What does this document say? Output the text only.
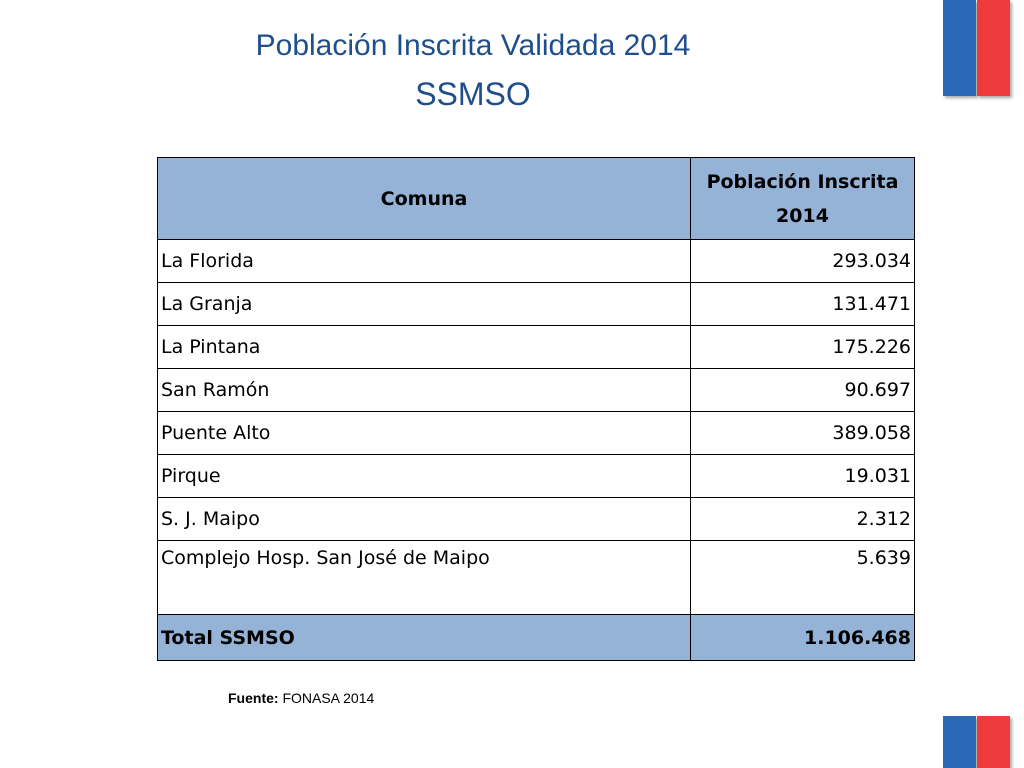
Población Inscrita Validada 2014
SSMSO
Comuna	Población Inscrita
2014
La Florida	293.034
La Granja	131.471
La Pintana	175.226
San Ramón	90.697
Puente Alto	389.058
Pirque	19.031
S. J. Maipo	2.312
Complejo Hosp. San José de Maipo	5.639
Total SSMSO	1.106.468
Fuente: FONASA 2014
